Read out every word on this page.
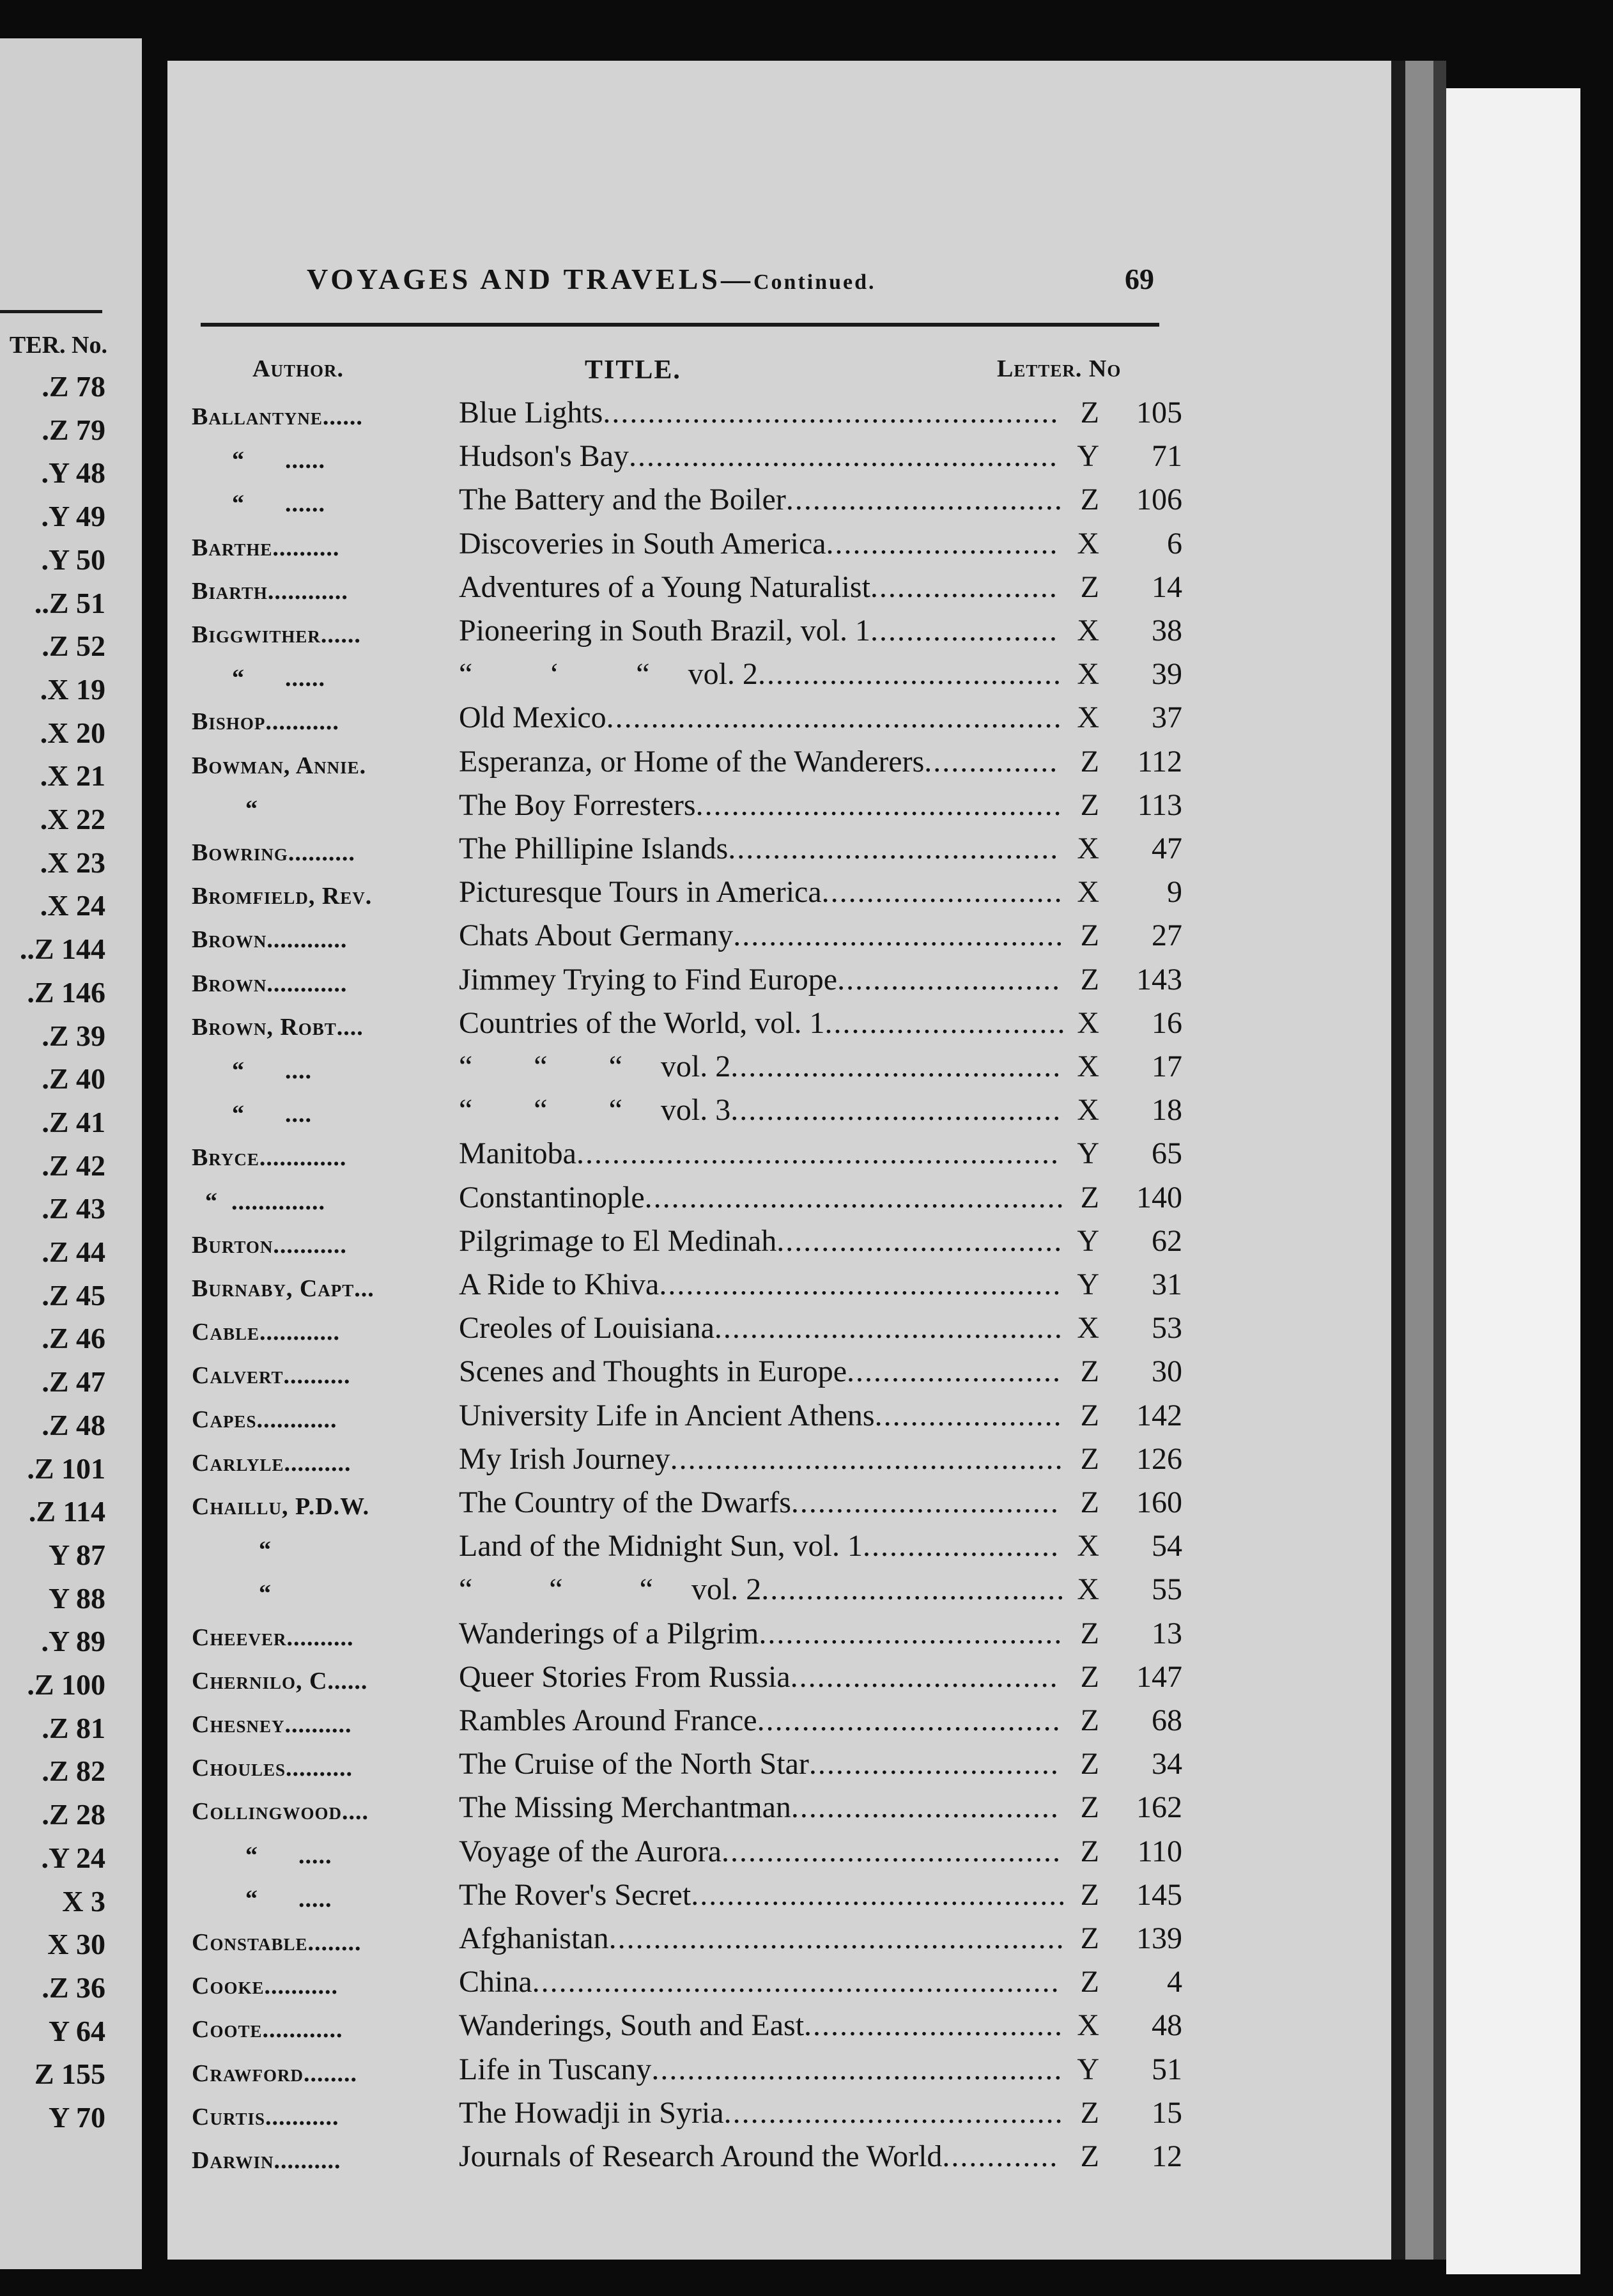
TER. No.
.Z 78
.Z 79
.Y 48
.Y 49
.Y 50
..Z 51
.Z 52
.X 19
.X 20
.X 21
.X 22
.X 23
.X 24
..Z 144
.Z 146
.Z 39
.Z 40
.Z 41
.Z 42
.Z 43
.Z 44
.Z 45
.Z 46
.Z 47
.Z 48
.Z 101
.Z 114
Y 87
Y 88
.Y 89
.Z 100
.Z 81
.Z 82
.Z 28
.Y 24
X 3
X 30
.Z 36
Y 64
Z 155
Y 70
VOYAGES AND TRAVELS—Continued.	69
Author.	TITLE.	Letter. No
Ballantyne......	Blue Lights................................................... Z	105
“      ......	Hudson's Bay................................................ Y	71
“      ......	The Battery and the Boiler............................... Z	106
Barthe..........	Discoveries in South America.......................... X	6
Biarth............	Adventures of a Young Naturalist..................... Z	14
Biggwither......	Pioneering in South Brazil, vol. 1..................... X	38
“      ......	“          ‘          “     vol. 2.................................. X	39
Bishop...........	Old Mexico................................................... X	37
Bowman, Annie.	Esperanza, or Home of the Wanderers............... Z	112
“	The Boy Forresters......................................... Z	113
Bowring..........	The Phillipine Islands..................................... X	47
Bromfield, Rev.	Picturesque Tours in America........................... X	9
Brown............	Chats About Germany..................................... Z	27
Brown............	Jimmey Trying to Find Europe......................... Z	143
Brown, Robt....	Countries of the World, vol. 1........................... X	16
“      ....	“        “        “     vol. 2..................................... X	17
“      ....	“        “        “     vol. 3..................................... X	18
Bryce.............	Manitoba...................................................... Y	65
“  ..............	Constantinople............................................... Z	140
Burton...........	Pilgrimage to El Medinah................................ Y	62
Burnaby, Capt...	A Ride to Khiva............................................. Y	31
Cable............	Creoles of Louisiana....................................... X	53
Calvert..........	Scenes and Thoughts in Europe........................ Z	30
Capes............	University Life in Ancient Athens..................... Z	142
Carlyle..........	My Irish Journey............................................ Z	126
Chaillu, P.D.W.	The Country of the Dwarfs.............................. Z	160
“	Land of the Midnight Sun, vol. 1...................... X	54
“	“          “          “     vol. 2.................................. X	55
Cheever..........	Wanderings of a Pilgrim.................................. Z	13
Chernilo, C......	Queer Stories From Russia.............................. Z	147
Chesney..........	Rambles Around France.................................. Z	68
Choules..........	The Cruise of the North Star............................ Z	34
Collingwood....	The Missing Merchantman.............................. Z	162
“      .....	Voyage of the Aurora...................................... Z	110
“      .....	The Rover's Secret.......................................... Z	145
Constable........	Afghanistan................................................... Z	139
Cooke...........	China........................................................... Z	4
Coote............	Wanderings, South and East............................. X	48
Crawford........	Life in Tuscany.............................................. Y	51
Curtis...........	The Howadji in Syria...................................... Z	15
Darwin..........	Journals of Research Around the World............. Z	12
